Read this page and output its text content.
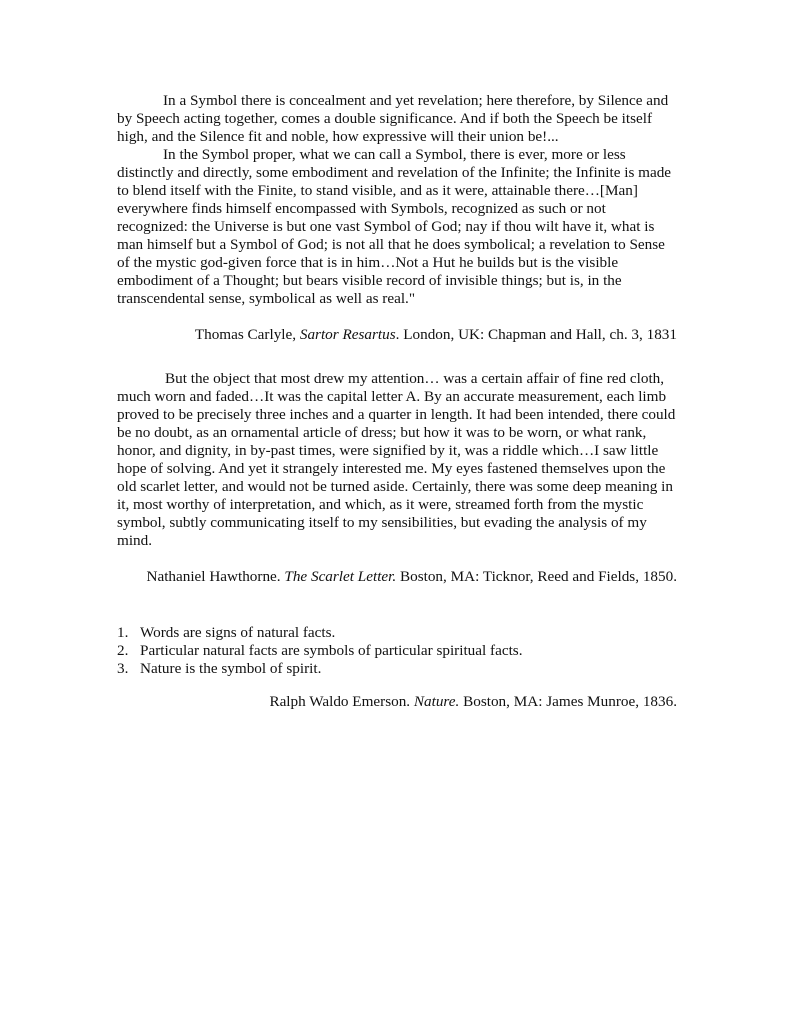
In a Symbol there is concealment and yet revelation; here therefore, by Silence and by Speech acting together, comes a double significance. And if both the Speech be itself high, and the Silence fit and noble, how expressive will their union be!...

In the Symbol proper, what we can call a Symbol, there is ever, more or less distinctly and directly, some embodiment and revelation of the Infinite; the Infinite is made to blend itself with the Finite, to stand visible, and as it were, attainable there…[Man] everywhere finds himself encompassed with Symbols, recognized as such or not recognized: the Universe is but one vast Symbol of God; nay if thou wilt have it, what is man himself but a Symbol of God; is not all that he does symbolical; a revelation to Sense of the mystic god-given force that is in him…Not a Hut he builds but is the visible embodiment of a Thought; but bears visible record of invisible things; but is, in the transcendental sense, symbolical as well as real."

Thomas Carlyle, Sartor Resartus. London, UK: Chapman and Hall, ch. 3, 1831

But the object that most drew my attention… was a certain affair of fine red cloth, much worn and faded…It was the capital letter A. By an accurate measurement, each limb proved to be precisely three inches and a quarter in length. It had been intended, there could be no doubt, as an ornamental article of dress; but how it was to be worn, or what rank, honor, and dignity, in by-past times, were signified by it, was a riddle which…I saw little hope of solving. And yet it strangely interested me. My eyes fastened themselves upon the old scarlet letter, and would not be turned aside. Certainly, there was some deep meaning in it, most worthy of interpretation, and which, as it were, streamed forth from the mystic symbol, subtly communicating itself to my sensibilities, but evading the analysis of my mind.

Nathaniel Hawthorne. The Scarlet Letter. Boston, MA: Ticknor, Reed and Fields, 1850.

1. Words are signs of natural facts.
2. Particular natural facts are symbols of particular spiritual facts.
3. Nature is the symbol of spirit.

Ralph Waldo Emerson. Nature. Boston, MA: James Munroe, 1836.
